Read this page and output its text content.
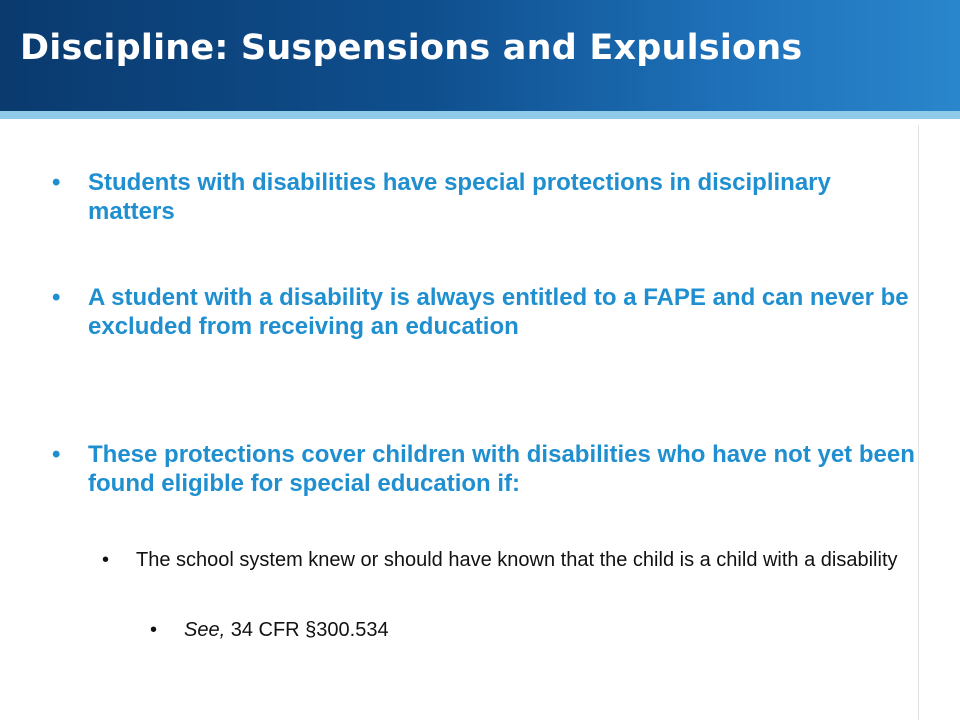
Discipline: Suspensions and Expulsions
• Students with disabilities have special protections in disciplinary matters
• A student with a disability is always entitled to a FAPE and can never be excluded from receiving an education
• These protections cover children with disabilities who have not yet been found eligible for special education if:
• The school system knew or should have known that the child is a child with a disability
• See, 34 CFR §300.534
